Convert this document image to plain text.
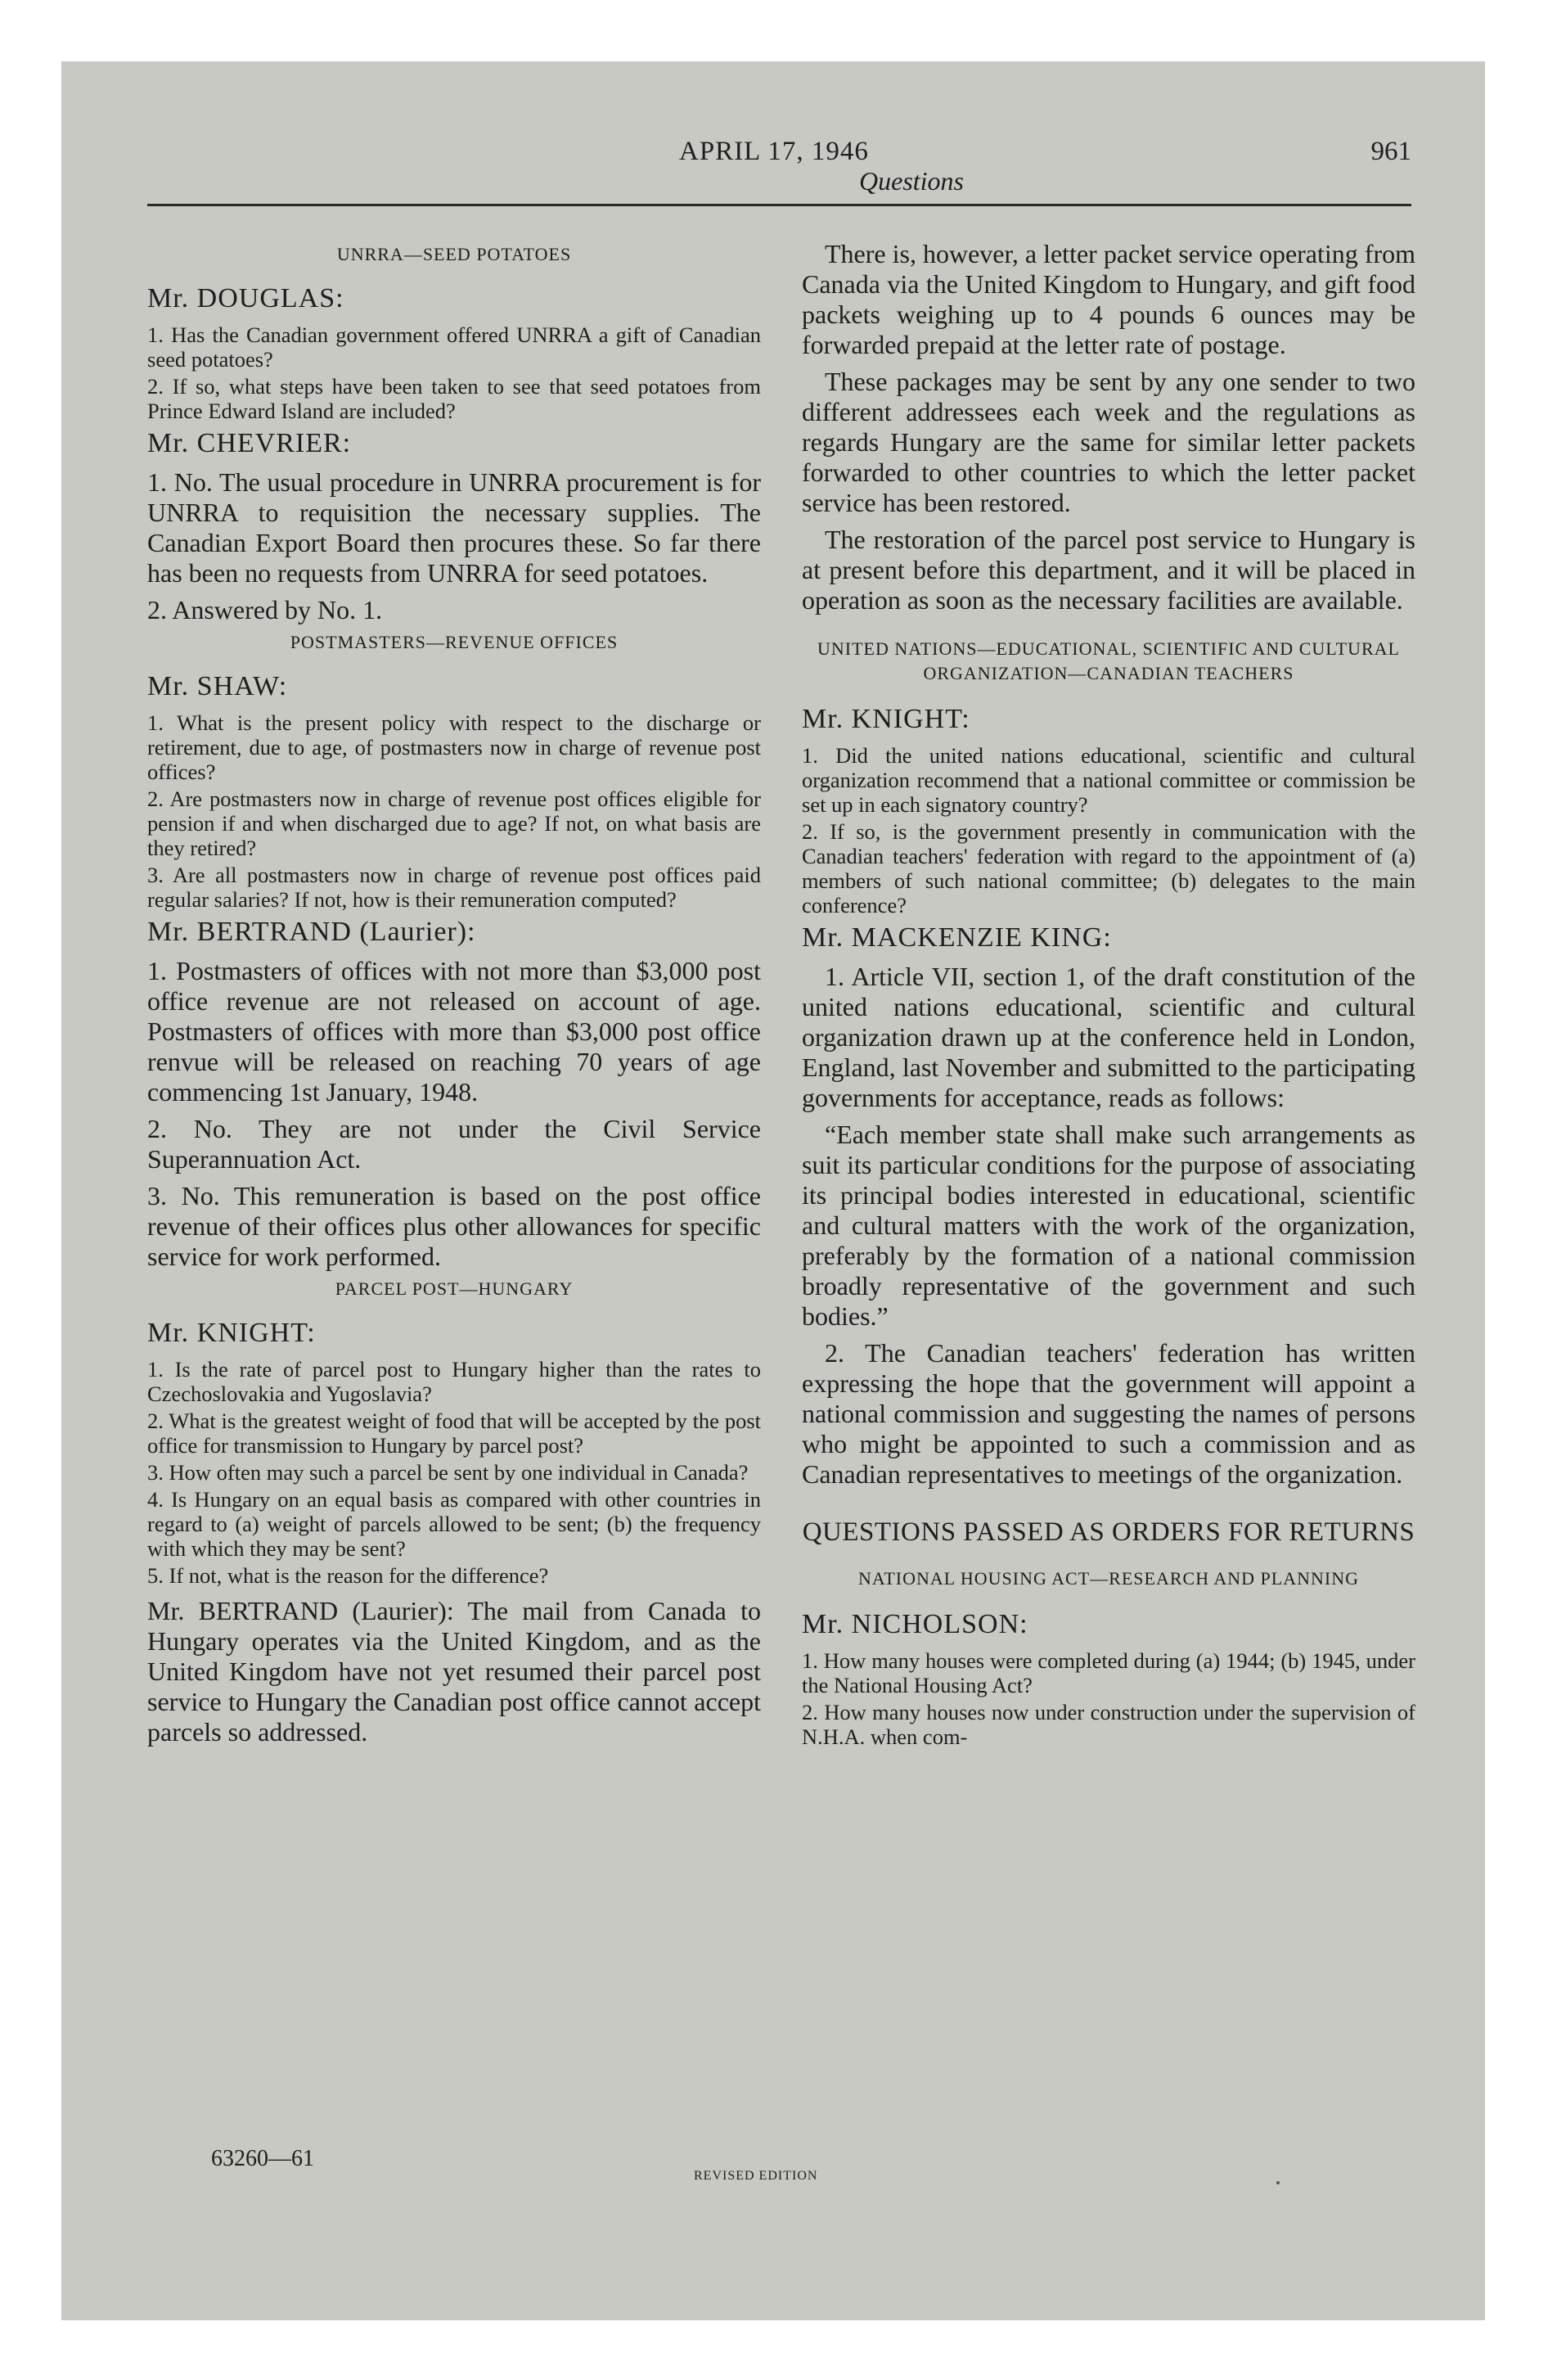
APRIL 17, 1946
Questions
961
UNRRA—SEED POTATOES
Mr. DOUGLAS:

1. Has the Canadian government offered UNRRA a gift of Canadian seed potatoes?

2. If so, what steps have been taken to see that seed potatoes from Prince Edward Island are included?

Mr. CHEVRIER:

1. No. The usual procedure in UNRRA procurement is for UNRRA to requisition the necessary supplies. The Canadian Export Board then procures these. So far there has been no requests from UNRRA for seed potatoes.

2. Answered by No. 1.

POSTMASTERS—REVENUE OFFICES
Mr. SHAW:

1. What is the present policy with respect to the discharge or retirement, due to age, of postmasters now in charge of revenue post offices?

2. Are postmasters now in charge of revenue post offices eligible for pension if and when discharged due to age? If not, on what basis are they retired?

3. Are all postmasters now in charge of revenue post offices paid regular salaries? If not, how is their remuneration computed?

Mr. BERTRAND (Laurier):

1. Postmasters of offices with not more than $3,000 post office revenue are not released on account of age. Postmasters of offices with more than $3,000 post office renvue will be released on reaching 70 years of age commencing 1st January, 1948.

2. No. They are not under the Civil Service Superannuation Act.

3. No. This remuneration is based on the post office revenue of their offices plus other allowances for specific service for work performed.

PARCEL POST—HUNGARY
Mr. KNIGHT:

1. Is the rate of parcel post to Hungary higher than the rates to Czechoslovakia and Yugoslavia?

2. What is the greatest weight of food that will be accepted by the post office for transmission to Hungary by parcel post?

3. How often may such a parcel be sent by one individual in Canada?

4. Is Hungary on an equal basis as compared with other countries in regard to (a) weight of parcels allowed to be sent; (b) the frequency with which they may be sent?

5. If not, what is the reason for the difference?

Mr. BERTRAND (Laurier): The mail from Canada to Hungary operates via the United Kingdom, and as the United Kingdom have not yet resumed their parcel post service to Hungary the Canadian post office cannot accept parcels so addressed.

There is, however, a letter packet service operating from Canada via the United Kingdom to Hungary, and gift food packets weighing up to 4 pounds 6 ounces may be forwarded prepaid at the letter rate of postage.

These packages may be sent by any one sender to two different addressees each week and the regulations as regards Hungary are the same for similar letter packets forwarded to other countries to which the letter packet service has been restored.

The restoration of the parcel post service to Hungary is at present before this department, and it will be placed in operation as soon as the necessary facilities are available.

UNITED NATIONS—EDUCATIONAL, SCIENTIFIC AND CULTURAL ORGANIZATION—CANADIAN TEACHERS
Mr. KNIGHT:

1. Did the united nations educational, scientific and cultural organization recommend that a national committee or commission be set up in each signatory country?

2. If so, is the government presently in communication with the Canadian teachers' federation with regard to the appointment of (a) members of such national committee; (b) delegates to the main conference?

Mr. MACKENZIE KING:

1. Article VII, section 1, of the draft constitution of the united nations educational, scientific and cultural organization drawn up at the conference held in London, England, last November and submitted to the participating governments for acceptance, reads as follows:

“Each member state shall make such arrangements as suit its particular conditions for the purpose of associating its principal bodies interested in educational, scientific and cultural matters with the work of the organization, preferably by the formation of a national commission broadly representative of the government and such bodies.”

2. The Canadian teachers' federation has written expressing the hope that the government will appoint a national commission and suggesting the names of persons who might be appointed to such a commission and as Canadian representatives to meetings of the organization.

QUESTIONS PASSED AS ORDERS FOR RETURNS
NATIONAL HOUSING ACT—RESEARCH AND PLANNING
Mr. NICHOLSON:

1. How many houses were completed during (a) 1944; (b) 1945, under the National Housing Act?

2. How many houses now under construction under the supervision of N.H.A. when com-

63260—61
REVISED EDITION
